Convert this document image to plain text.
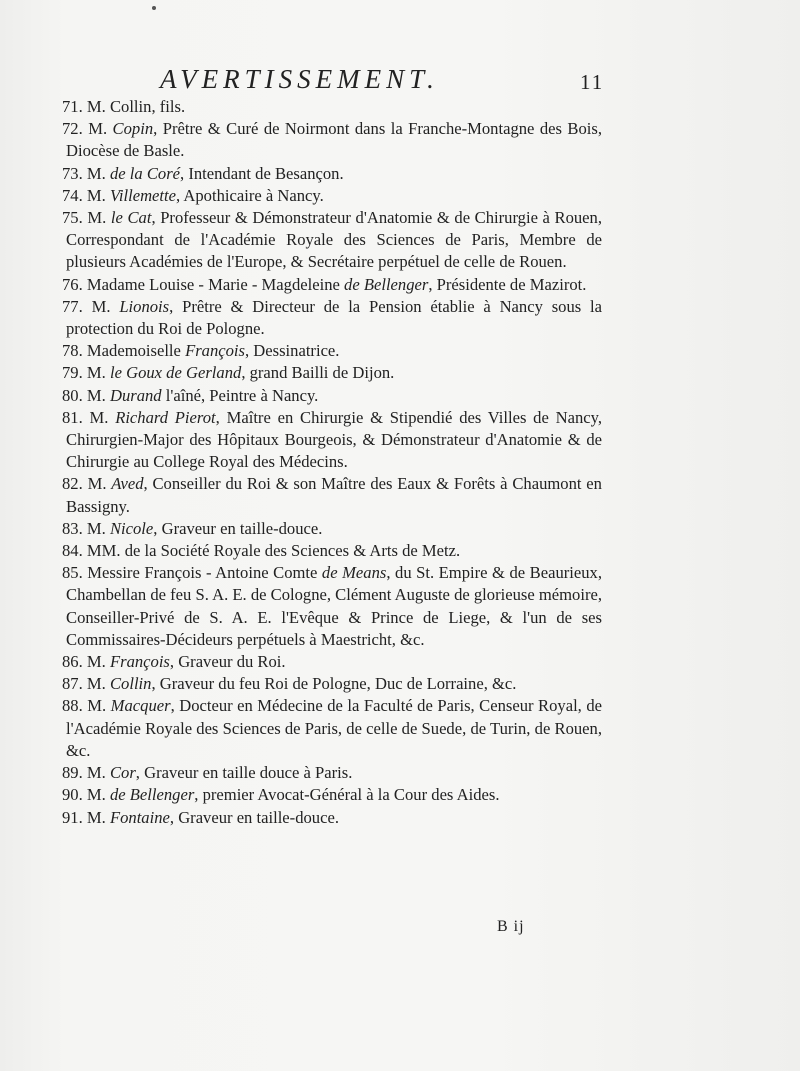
AVERTISSEMENT.	11

71. M. Collin, fils.

72. M. Copin, Prêtre & Curé de Noirmont dans la Franche-Montagne des Bois, Diocèse de Basle.

73. M. de la Coré, Intendant de Besançon.

74. M. Villemette, Apothicaire à Nancy.

75. M. le Cat, Professeur & Démonstrateur d'Anatomie & de Chirurgie à Rouen, Correspondant de l'Académie Royale des Sciences de Paris, Membre de plusieurs Académies de l'Europe, & Secrétaire perpétuel de celle de Rouen.

76. Madame Louise - Marie - Magdeleine de Bellenger, Présidente de Mazirot.

77. M. Lionois, Prêtre & Directeur de la Pension établie à Nancy sous la protection du Roi de Pologne.

78. Mademoiselle François, Dessinatrice.

79. M. le Goux de Gerland, grand Bailli de Dijon.

80. M. Durand l'aîné, Peintre à Nancy.

81. M. Richard Pierot, Maître en Chirurgie & Stipendié des Villes de Nancy, Chirurgien-Major des Hôpitaux Bourgeois, & Démonstrateur d'Anatomie & de Chirurgie au College Royal des Médecins.

82. M. Aved, Conseiller du Roi & son Maître des Eaux & Forêts à Chaumont en Bassigny.

83. M. Nicole, Graveur en taille-douce.

84. MM. de la Société Royale des Sciences & Arts de Metz.

85. Messire François - Antoine Comte de Means, du St. Empire & de Beaurieux, Chambellan de feu S. A. E. de Cologne, Clément Auguste de glorieuse mémoire, Conseiller-Privé de S. A. E. l'Evêque & Prince de Liege, & l'un de ses Commissaires-Décideurs perpétuels à Maestricht, &c.

86. M. François, Graveur du Roi.

87. M. Collin, Graveur du feu Roi de Pologne, Duc de Lorraine, &c.

88. M. Macquer, Docteur en Médecine de la Faculté de Paris, Censeur Royal, de l'Académie Royale des Sciences de Paris, de celle de Suede, de Turin, de Rouen, &c.

89. M. Cor, Graveur en taille douce à Paris.

90. M. de Bellenger, premier Avocat-Général à la Cour des Aides.

91. M. Fontaine, Graveur en taille-douce.

B ij
